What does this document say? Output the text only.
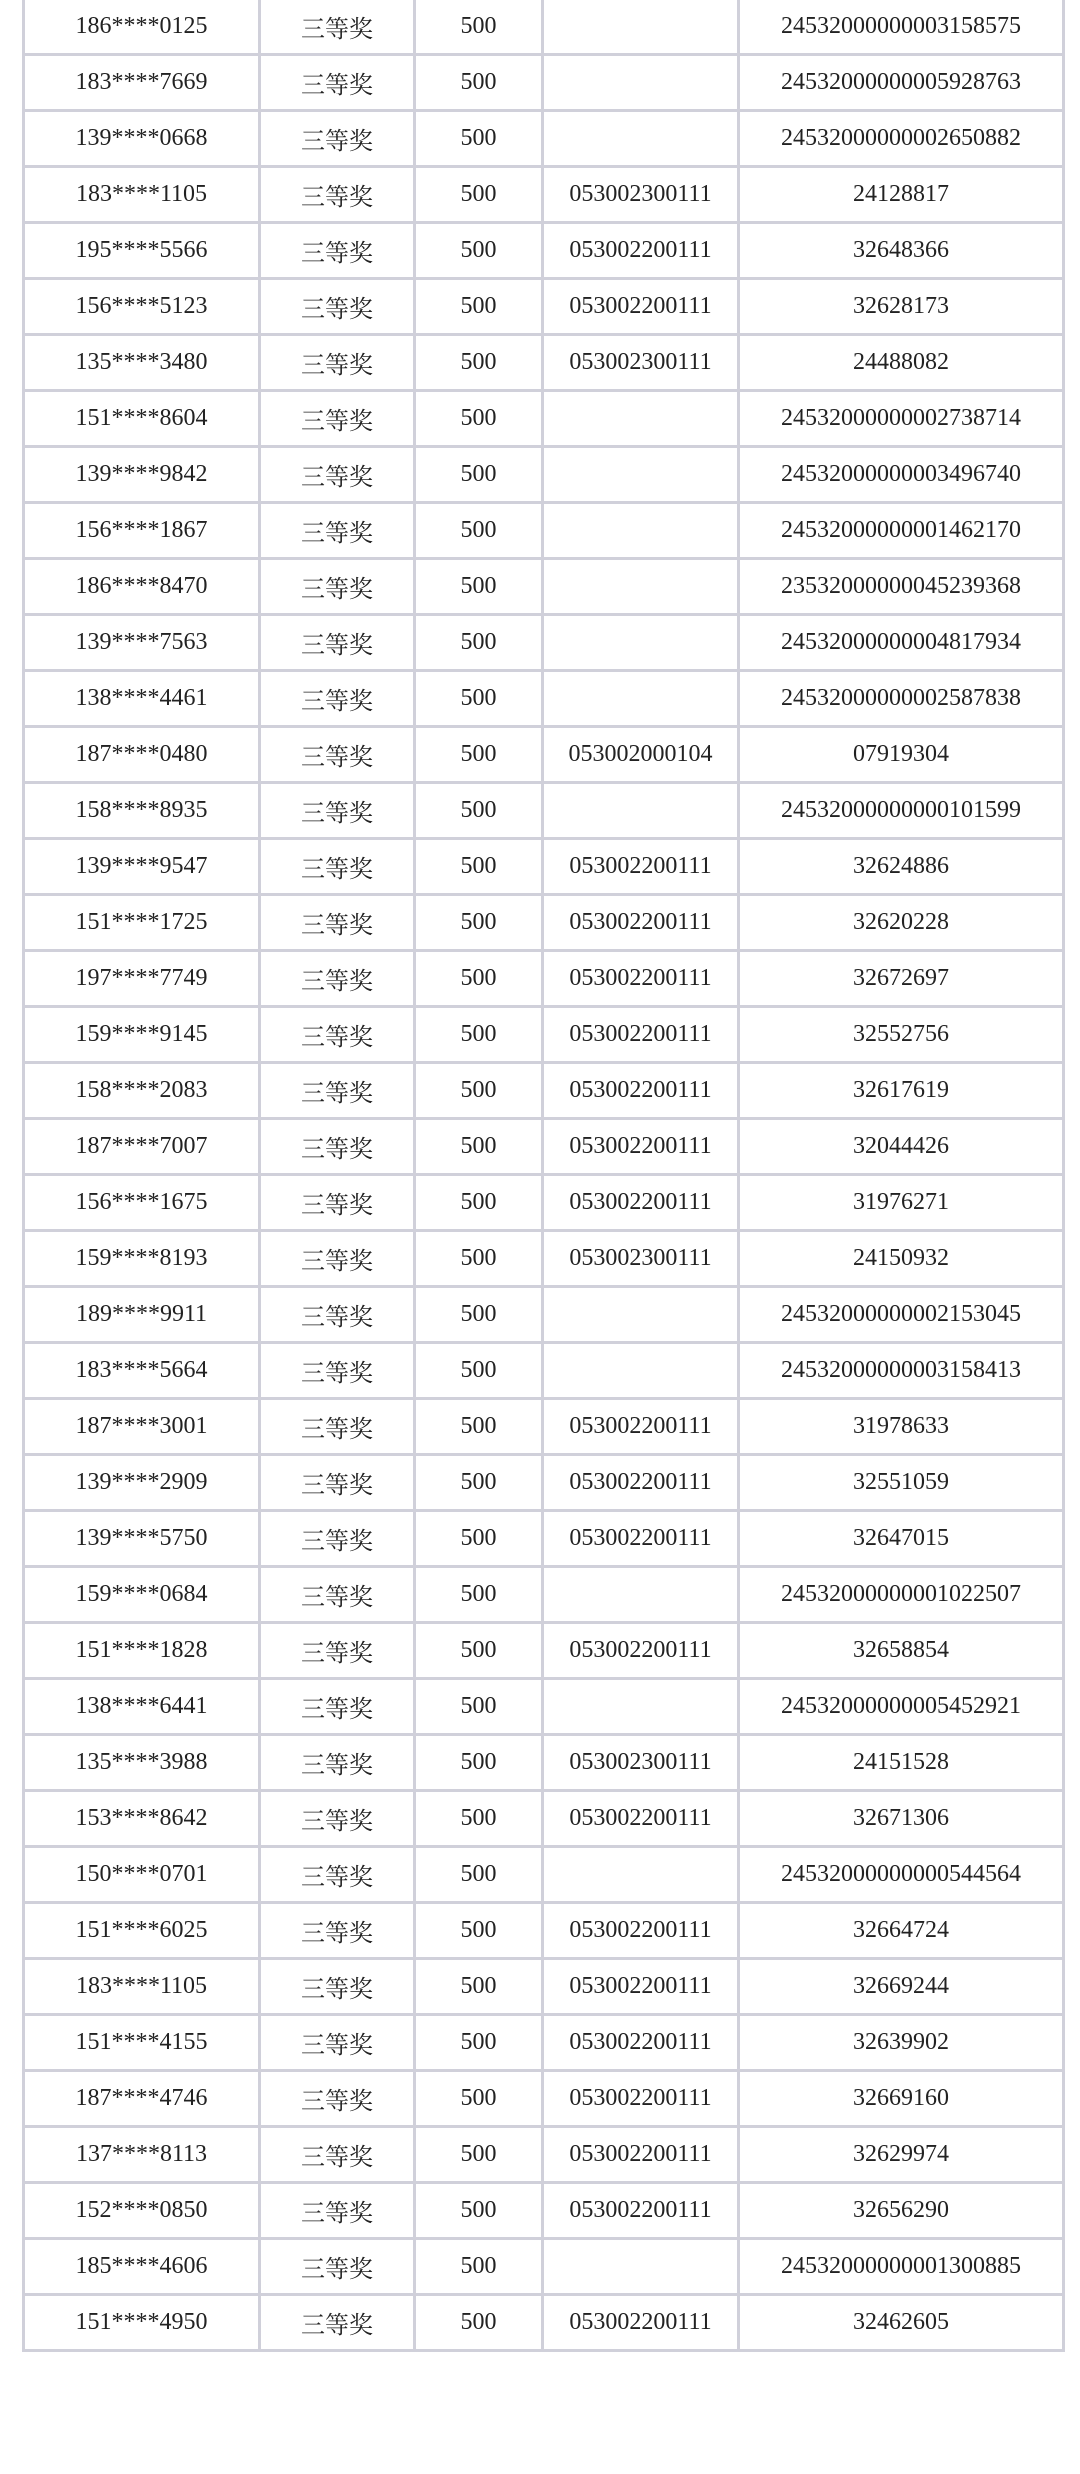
186****0125	三等奖	500		24532000000003158575
183****7669	三等奖	500		24532000000005928763
139****0668	三等奖	500		24532000000002650882
183****1105	三等奖	500	053002300111	24128817
195****5566	三等奖	500	053002200111	32648366
156****5123	三等奖	500	053002200111	32628173
135****3480	三等奖	500	053002300111	24488082
151****8604	三等奖	500		24532000000002738714
139****9842	三等奖	500		24532000000003496740
156****1867	三等奖	500		24532000000001462170
186****8470	三等奖	500		23532000000045239368
139****7563	三等奖	500		24532000000004817934
138****4461	三等奖	500		24532000000002587838
187****0480	三等奖	500	053002000104	07919304
158****8935	三等奖	500		24532000000000101599
139****9547	三等奖	500	053002200111	32624886
151****1725	三等奖	500	053002200111	32620228
197****7749	三等奖	500	053002200111	32672697
159****9145	三等奖	500	053002200111	32552756
158****2083	三等奖	500	053002200111	32617619
187****7007	三等奖	500	053002200111	32044426
156****1675	三等奖	500	053002200111	31976271
159****8193	三等奖	500	053002300111	24150932
189****9911	三等奖	500		24532000000002153045
183****5664	三等奖	500		24532000000003158413
187****3001	三等奖	500	053002200111	31978633
139****2909	三等奖	500	053002200111	32551059
139****5750	三等奖	500	053002200111	32647015
159****0684	三等奖	500		24532000000001022507
151****1828	三等奖	500	053002200111	32658854
138****6441	三等奖	500		24532000000005452921
135****3988	三等奖	500	053002300111	24151528
153****8642	三等奖	500	053002200111	32671306
150****0701	三等奖	500		24532000000000544564
151****6025	三等奖	500	053002200111	32664724
183****1105	三等奖	500	053002200111	32669244
151****4155	三等奖	500	053002200111	32639902
187****4746	三等奖	500	053002200111	32669160
137****8113	三等奖	500	053002200111	32629974
152****0850	三等奖	500	053002200111	32656290
185****4606	三等奖	500		24532000000001300885
151****4950	三等奖	500	053002200111	32462605
